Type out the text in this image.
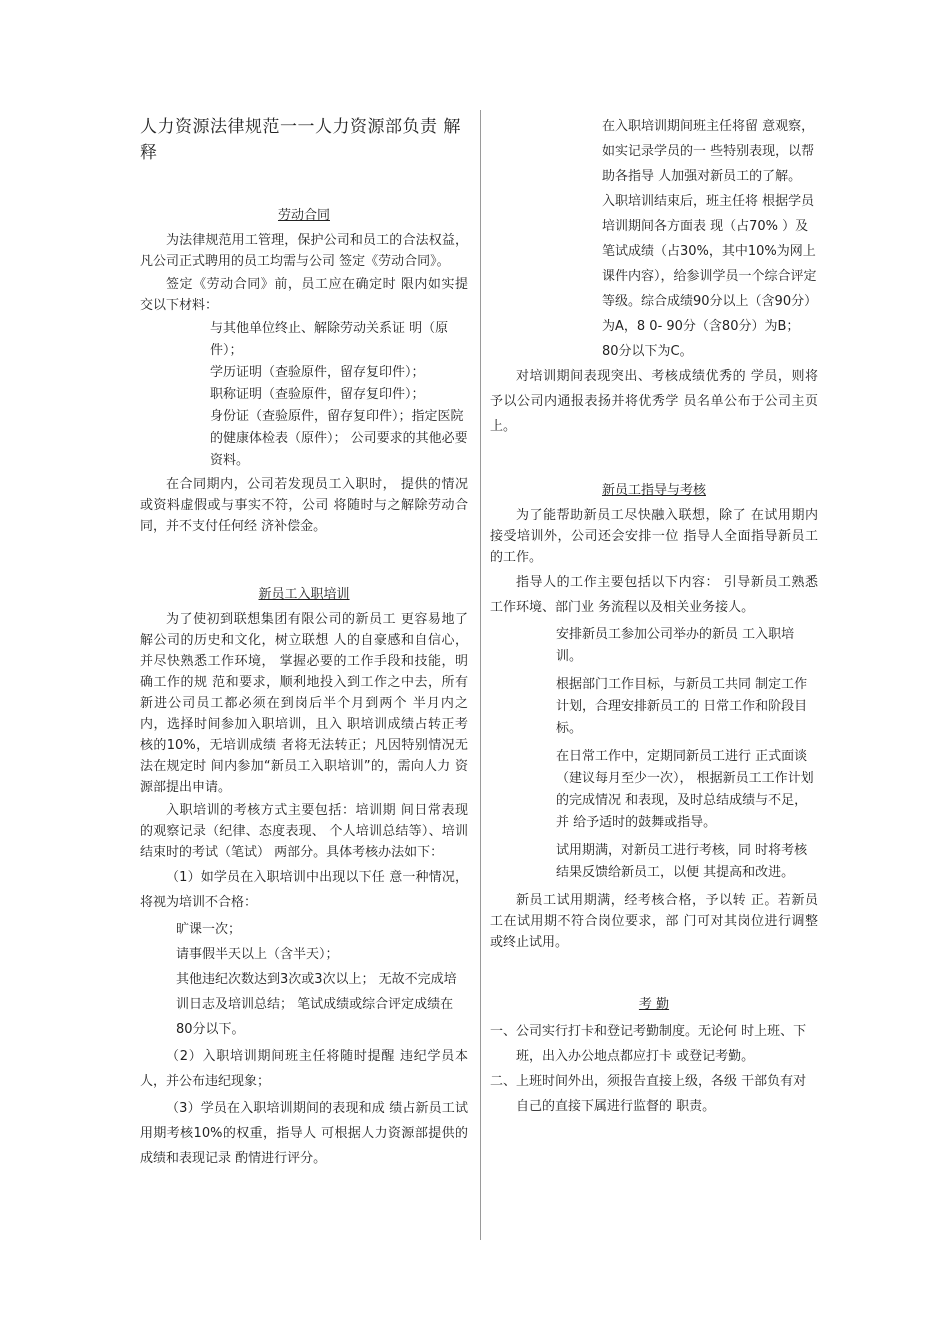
人力资源法律规范一一人力资源部负责 解 释
劳动合同

为法律规范用工管理，保护公司和员工的合法权益，凡公司正式聘用的员工均需与公司 签定《劳动合同》。

签定《劳动合同》前，员工应在确定时 限内如实提交以下材料：

与其他单位终止、解除劳动关系证 明（原件）；
学历证明（查验原件，留存复印件）；
职称证明（查验原件，留存复印件）；
身份证（查验原件，留存复印件）；指定医院的健康体检表（原件）； 公司要求的其他必要资料。

在合同期内，公司若发现员工入职时， 提供的情况或资料虚假或与事实不符，公司 将随时与之解除劳动合同，并不支付任何经 济补偿金。

新员工入职培训

为了使初到联想集团有限公司的新员工 更容易地了解公司的历史和文化，树立联想 人的自豪感和自信心，并尽快熟悉工作环境， 掌握必要的工作手段和技能，明确工作的规 范和要求，顺利地投入到工作之中去，所有 新进公司员工都必须在到岗后半个月到两个 半月内之内，选择时间参加入职培训，且入 职培训成绩占转正考核的10%，无培训成绩 者将无法转正；凡因特别情况无法在规定时 间内参加“新员工入职培训”的，需向人力 资源部提出申请。

入职培训的考核方式主要包括：培训期 间日常表现的观察记录（纪律、态度表现、 个人培训总结等）、培训结束时的考试（笔试） 两部分。具体考核办法如下：

（1）如学员在入职培训中出现以下任 意一种情况，将视为培训不合格：

旷课一次；
请事假半天以上（含半天）；
其他违纪次数达到3次或3次以上； 无故不完成培训日志及培训总结； 笔试成绩或综合评定成绩在80分以下。

（2）入职培训期间班主任将随时提醒 违纪学员本人，并公布违纪现象；

（3）学员在入职培训期间的表现和成 绩占新员工试用期考核10%的权重，指导人 可根据人力资源部提供的成绩和表现记录 酌情进行评分。

在入职培训期间班主任将留 意观察，如实记录学员的一 些特别表现，以帮助各指导 人加强对新员工的了解。

入职培训结束后，班主任将 根据学员培训期间各方面表 现（占70% ）及笔试成绩（占30%，其中10%为网上课件内容），给参训学员一个综合评定等级。综合成绩90分以上（含90分）为A，8 0- 90分（含80分）为B； 80分以下为C。

对培训期间表现突出、考核成绩优秀的 学员，则将予以公司内通报表扬并将优秀学 员名单公布于公司主页上。

新员工指导与考核

为了能帮助新员工尽快融入联想，除了 在试用期内接受培训外，公司还会安排一位 指导人全面指导新员工的工作。

指导人的工作主要包括以下内容： 引导新员工熟悉工作环境、部门业 务流程以及相关业务接人。

安排新员工参加公司举办的新员 工入职培训。
根据部门工作目标，与新员工共同 制定工作计划，合理安排新员工的 日常工作和阶段目标。
在日常工作中，定期同新员工进行 正式面谈（建议每月至少一次）， 根据新员工工作计划的完成情况 和表现，及时总结成绩与不足，并 给予适时的鼓舞或指导。
试用期满，对新员工进行考核，同 时将考核结果反馈给新员工，以便 其提高和改进。

新员工试用期满，经考核合格，予以转 正。若新员工在试用期不符合岗位要求，部 门可对其岗位进行调整或终止试用。

考 勤
一、公司实行打卡和登记考勤制度。无论何 时上班、下班，出入办公地点都应打卡 或登记考勤。
二、上班时间外出，须报告直接上级，各级 干部负有对自己的直接下属进行监督的 职责。
